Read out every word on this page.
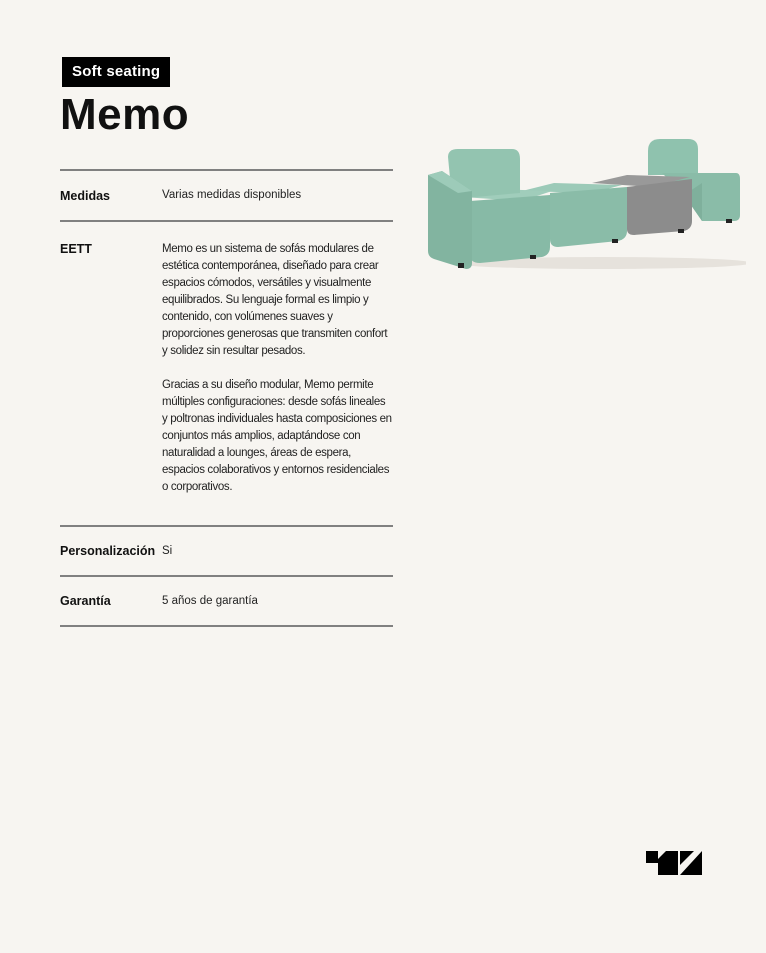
Soft seating
Memo
Medidas	Varias medidas disponibles
EETT	Memo es un sistema de sofás modulares de estética contemporánea, diseñado para crear espacios cómodos, versátiles y visualmente equilibrados. Su lenguaje formal es limpio y contenido, con volúmenes suaves y proporciones generosas que transmiten confort y solidez sin resultar pesados.

Gracias a su diseño modular, Memo permite múltiples configuraciones: desde sofás lineales y poltronas individuales hasta composiciones en conjuntos más amplios, adaptándose con naturalidad a lounges, áreas de espera, espacios colaborativos y entornos residenciales o corporativos.

Personalización Si
Garantía	5 años de garantía
